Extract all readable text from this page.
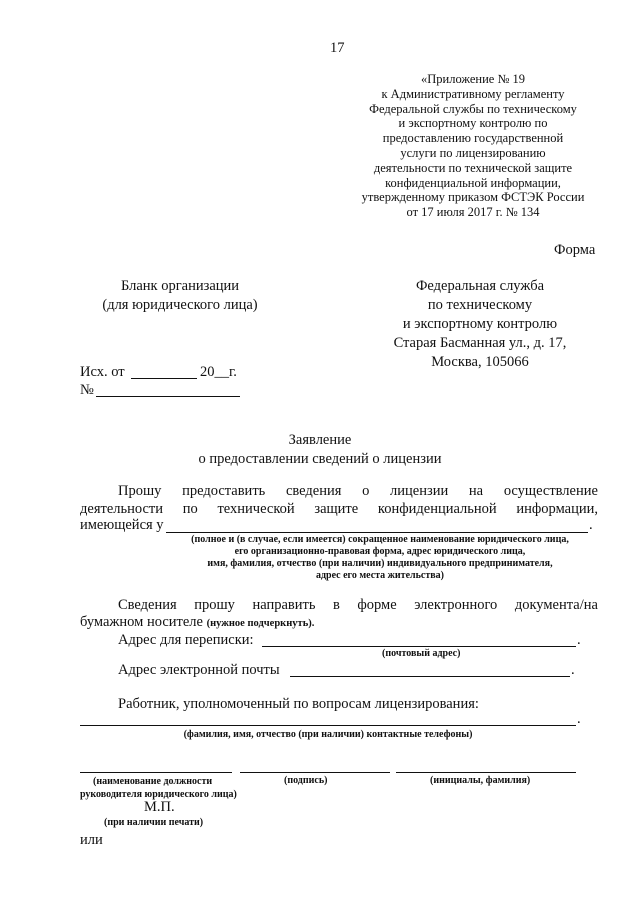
17
«Приложение № 19
к Административному регламенту
Федеральной службы по техническому
и экспортному контролю по
предоставлению государственной
услуги по лицензированию
деятельности по технической защите
конфиденциальной информации,
утвержденному приказом ФСТЭК России
от 17 июля 2017 г. № 134
Форма
Бланк организации
(для юридического лица)
Федеральная служба
по техническому
и экспортному контролю
Старая Басманная ул., д. 17,
Москва, 105066
Исх. от	20__г.
№
Заявление
о предоставлении сведений о лицензии
Прошу предоставить сведения о лицензии на осуществление
деятельности по технической защите конфиденциальной информации,
имеющейся у	.
(полное и (в случае, если имеется) сокращенное наименование юридического лица,
его организационно-правовая форма, адрес юридического лица,
имя, фамилия, отчество (при наличии) индивидуального предпринимателя,
адрес его места жительства)
Сведения прошу направить в форме электронного документа/на
бумажном носителе (нужное подчеркнуть).
Адрес для переписки:	.
(почтовый адрес)
Адрес электронной почты	.
Работник, уполномоченный по вопросам лицензирования:
.
(фамилия, имя, отчество (при наличии) контактные телефоны)
(наименование должности
руководителя юридического лица)
(подпись)	(инициалы, фамилия)
М.П.
(при наличии печати)
или
